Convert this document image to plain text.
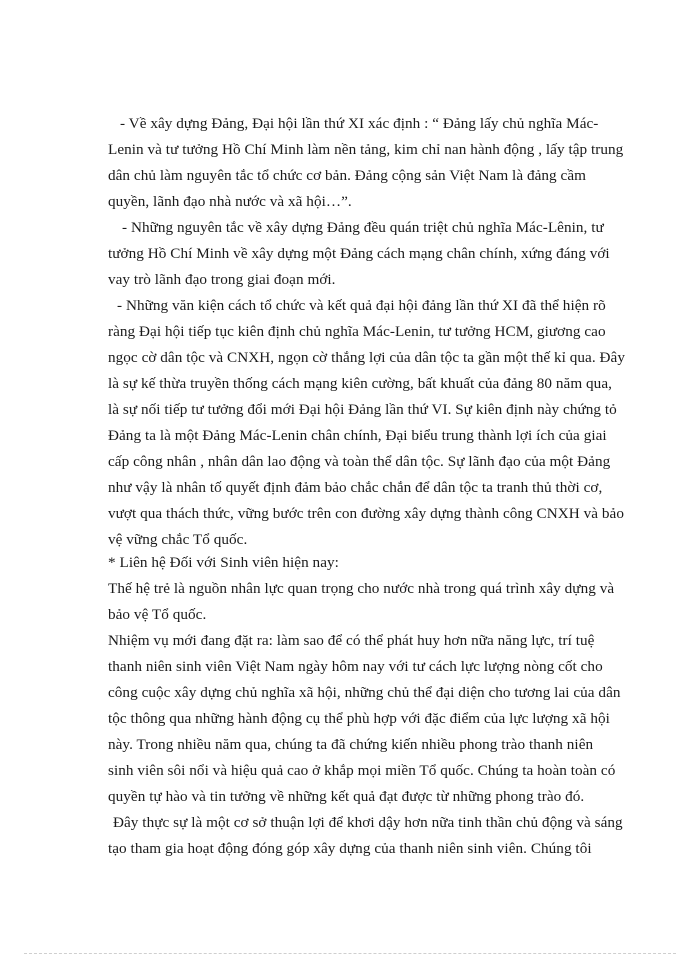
- Về xây dựng Đảng, Đại hội lần thứ XI xác định : “ Đảng lấy chủ nghĩa Mác-
Lenin và tư tưởng Hồ Chí Minh làm nền tảng, kim chỉ nan hành động , lấy tập trung
dân chủ làm nguyên tắc tổ chức cơ bản. Đảng cộng sản Việt Nam là đảng cầm
quyền, lãnh đạo nhà nước và xã hội…”.
- Những nguyên tắc về xây dựng Đảng đều quán triệt chủ nghĩa Mác-Lênin, tư
tưởng Hồ Chí Minh về xây dựng một Đảng cách mạng chân chính, xứng đáng với
vay trò lãnh đạo trong giai đoạn mới.
- Những văn kiện cách tổ chức và kết quả đại hội đảng lần thứ XI đã thể hiện rõ
ràng Đại hội tiếp tục kiên định chủ nghĩa Mác-Lenin, tư tưởng HCM, giương cao
ngọc cờ dân tộc và CNXH, ngọn cờ thắng lợi của dân tộc ta gần một thế kỉ qua. Đây
là sự kế thừa truyền thống cách mạng kiên cường, bất khuất của đảng 80 năm qua,
là sự nối tiếp tư tưởng đổi mới Đại hội Đảng lần thứ VI. Sự kiên định này chứng tỏ
Đảng ta là một Đảng Mác-Lenin chân chính, Đại biểu trung thành lợi ích của giai
cấp công nhân , nhân dân lao động và toàn thể dân tộc. Sự lãnh đạo của một Đảng
như vậy là nhân tố quyết định đảm bảo chắc chắn để dân tộc ta tranh thủ thời cơ,
vượt qua thách thức, vững bước trên con đường xây dựng thành công CNXH và bảo
vệ vững chắc Tổ quốc.
* Liên hệ Đối với Sinh viên hiện nay:
Thế hệ trẻ là nguồn nhân lực quan trọng cho nước nhà trong quá trình xây dựng và
bảo vệ Tổ quốc.
Nhiệm vụ mới đang đặt ra: làm sao để có thể phát huy hơn nữa năng lực, trí tuệ
thanh niên sinh viên Việt Nam ngày hôm nay với tư cách lực lượng nòng cốt cho
công cuộc xây dựng chủ nghĩa xã hội, những chủ thể đại diện cho tương lai của dân
tộc thông qua những hành động cụ thể phù hợp với đặc điểm của lực lượng xã hội
này. Trong nhiều năm qua, chúng ta đã chứng kiến nhiều phong trào thanh niên
sinh viên sôi nổi và hiệu quả cao ở khắp mọi miền Tổ quốc. Chúng ta hoàn toàn có
quyền tự hào và tin tưởng về những kết quả đạt được từ những phong trào đó.
Đây thực sự là một cơ sở thuận lợi để khơi dậy hơn nữa tinh thần chủ động và sáng
tạo tham gia hoạt động đóng góp xây dựng của thanh niên sinh viên. Chúng tôi
